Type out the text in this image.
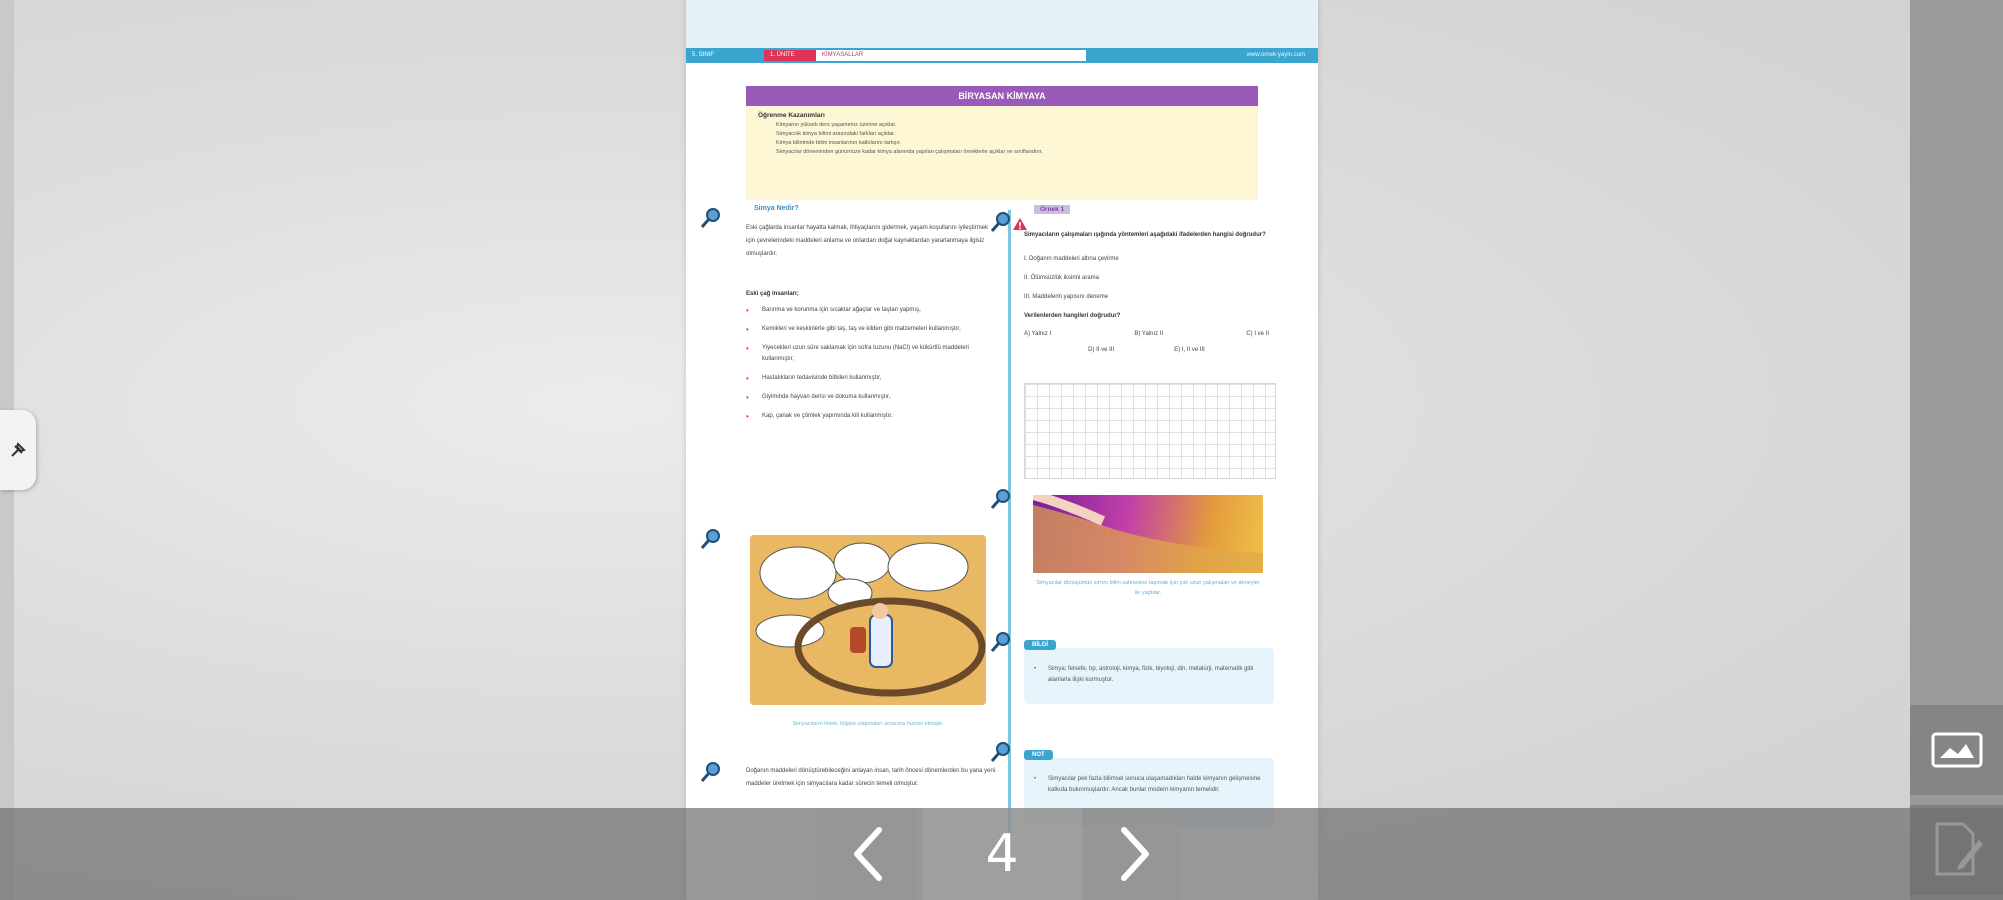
5. SINIF	1. ÜNİTE	KİMYASALLAR	www.ornek-yayin.com
BİRYASAN KİMYAYA
Öğrenme Kazanımları
Kimyanın yüksek ders yaşamımız üzerine açıklar.
Simyacılık kimya bilimi arasındaki farkları açıklar.
Kimya biliminde bilim insanlarının katkılarını tartışır.
Simyacılar döneminden günümüze kadar kimya alanında yapılan çalışmaları örneklerle açıklar ve sınıflandırır.
Simya Nedir?
Eski çağlarda insanlar hayatta kalmak, ihtiyaçlarını gidermek, yaşam koşullarını iyileştirmek için çevrelerindeki maddeleri anlama ve onlardan doğal kaynaklardan yararlanmaya ilgisiz olmuşlardır.
Eski çağ insanları;
•	Barınma ve korunma için sıcaklar ağaçlar ve taştan yapmış,
•	Kemikleri ve keskinlerle gibi taş, taş ve kilden gibi malzemeleri kullanmıştır,
•	Yiyecekleri uzun süre saklamak için sofra tuzunu (NaCl) ve kükürtlü maddeleri kullanmıştır,
•	Hastalıkların tedavisinde bitkileri kullanmıştır,
•	Giyiminde hayvan derisi ve dokuma kullanmıştır,
•	Kap, çanak ve çömlek yapımında kili kullanmıştır.
Simyacıların ilmek, bilgiye ulaşmaları amacına hizmet etmiştir.
Doğanın maddeleri dönüştürebileceğini anlayan insan, tarih öncesi dönemlerden bu yana yeni maddeler üretmek için simyacılara kadar sürecin temeli olmuştur.
Örnek 1
Simyacıların çalışmaları ışığında yöntemleri aşağıdaki ifadelerden hangisi doğrudur?
I. Doğanın maddeleri altına çevirme
II. Ölümsüzlük iksirini arama
III. Maddelerin yapısını deneme
Verilenlerden hangileri doğrudur?
A) Yalnız I	B) Yalnız II	C) I ve II
D) II ve III	E) I, II ve III
Simyacılar dönüşümün sırrını bilim sahnesine taşımak için çok uzun çalışmaları ve deneyler ile yaptılar.
BİLGİ
•	Simya; felsefe, tıp, astroloji, kimya, fizik, biyoloji, din, metalürji, matematik gibi alanlarla ilişki kurmuştur.
NOT
•	Simyacılar pek fazla bilimsel sonuca ulaşamadıkları halde kimyanın gelişmesine katkıda bulunmuşlardır. Ancak bunlar modern kimyanın temelidir.
4
